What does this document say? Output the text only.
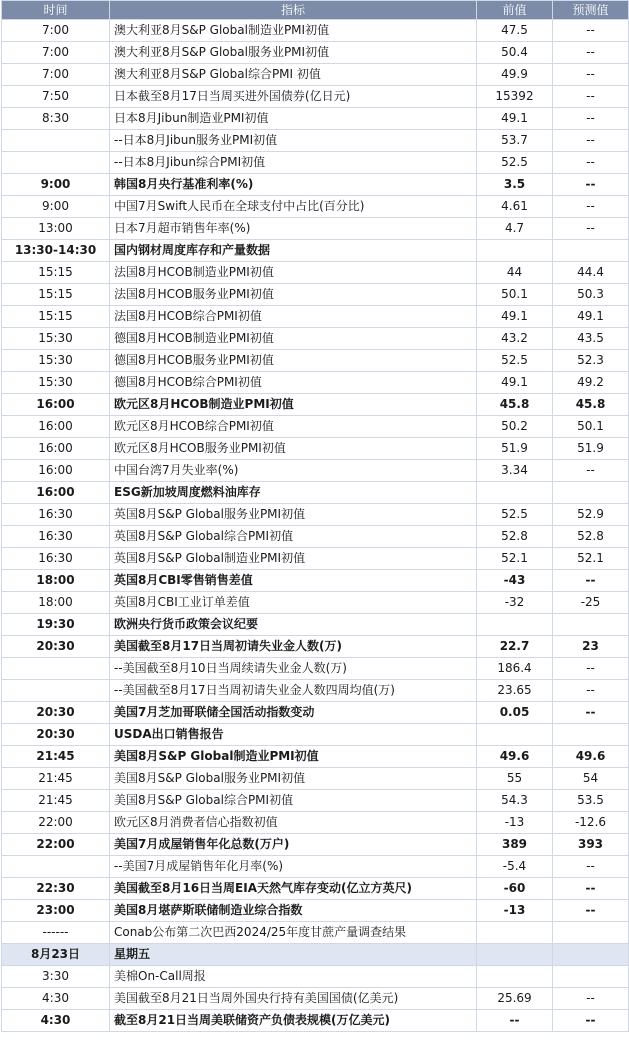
时间	指标	前值	预测值
7:00	澳大利亚8月S&P Global制造业PMI初值	47.5	--
7:00	澳大利亚8月S&P Global服务业PMI初值	50.4	--
7:00	澳大利亚8月S&P Global综合PMI 初值	49.9	--
7:50	日本截至8月17日当周买进外国债券(亿日元)	15392	--
8:30	日本8月Jibun制造业PMI初值	49.1	--
	--日本8月Jibun服务业PMI初值	53.7	--
	--日本8月Jibun综合PMI初值	52.5	--
9:00	韩国8月央行基准利率(%)	3.5	--
9:00	中国7月Swift人民币在全球支付中占比(百分比)	4.61	--
13:00	日本7月超市销售年率(%)	4.7	--
13:30-14:30	国内钢材周度库存和产量数据		
15:15	法国8月HCOB制造业PMI初值	44	44.4
15:15	法国8月HCOB服务业PMI初值	50.1	50.3
15:15	法国8月HCOB综合PMI初值	49.1	49.1
15:30	德国8月HCOB制造业PMI初值	43.2	43.5
15:30	德国8月HCOB服务业PMI初值	52.5	52.3
15:30	德国8月HCOB综合PMI初值	49.1	49.2
16:00	欧元区8月HCOB制造业PMI初值	45.8	45.8
16:00	欧元区8月HCOB综合PMI初值	50.2	50.1
16:00	欧元区8月HCOB服务业PMI初值	51.9	51.9
16:00	中国台湾7月失业率(%)	3.34	--
16:00	ESG新加坡周度燃料油库存		
16:30	英国8月S&P Global服务业PMI初值	52.5	52.9
16:30	英国8月S&P Global综合PMI初值	52.8	52.8
16:30	英国8月S&P Global制造业PMI初值	52.1	52.1
18:00	英国8月CBI零售销售差值	-43	--
18:00	英国8月CBI工业订单差值	-32	-25
19:30	欧洲央行货币政策会议纪要		
20:30	美国截至8月17日当周初请失业金人数(万)	22.7	23
	--美国截至8月10日当周续请失业金人数(万)	186.4	--
	--美国截至8月17日当周初请失业金人数四周均值(万)	23.65	--
20:30	美国7月芝加哥联储全国活动指数变动	0.05	--
20:30	USDA出口销售报告		
21:45	美国8月S&P Global制造业PMI初值	49.6	49.6
21:45	美国8月S&P Global服务业PMI初值	55	54
21:45	美国8月S&P Global综合PMI初值	54.3	53.5
22:00	欧元区8月消费者信心指数初值	-13	-12.6
22:00	美国7月成屋销售年化总数(万户)	389	393
	--美国7月成屋销售年化月率(%)	-5.4	--
22:30	美国截至8月16日当周EIA天然气库存变动(亿立方英尺)	-60	--
23:00	美国8月堪萨斯联储制造业综合指数	-13	--
------	Conab公布第二次巴西2024/25年度甘蔗产量调查结果		
8月23日	星期五		
3:30	美棉On-Call周报		
4:30	美国截至8月21日当周外国央行持有美国国债(亿美元)	25.69	--
4:30	截至8月21日当周美联储资产负债表规模(万亿美元)	--	--
